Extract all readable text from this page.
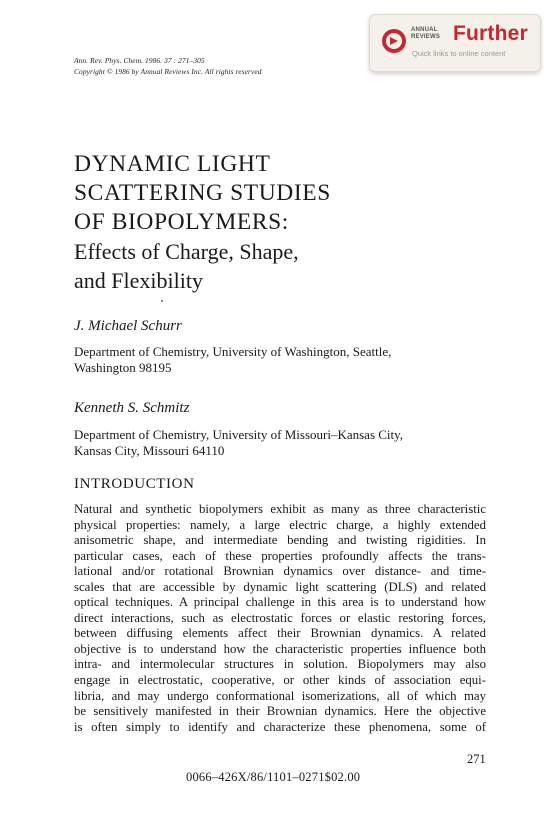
Ann. Rev. Phys. Chem. 1986. 37 : 271–305
Copyright © 1986 by Annual Reviews Inc. All rights reserved
ANNUAL
REVIEWS Further
Quick links to online content
DYNAMIC LIGHT
SCATTERING STUDIES
OF BIOPOLYMERS:
Effects of Charge, Shape,
and Flexibility
J. Michael Schurr
Department of Chemistry, University of Washington, Seattle,
Washington 98195
Kenneth S. Schmitz
Department of Chemistry, University of Missouri–Kansas City,
Kansas City, Missouri 64110
INTRODUCTION
Natural and synthetic biopolymers exhibit as many as three characteristic
physical properties: namely, a large electric charge, a highly extended
anisometric shape, and intermediate bending and twisting rigidities. In
particular cases, each of these properties profoundly affects the trans-
lational and/or rotational Brownian dynamics over distance- and time-
scales that are accessible by dynamic light scattering (DLS) and related
optical techniques. A principal challenge in this area is to understand how
direct interactions, such as electrostatic forces or elastic restoring forces,
between diffusing elements affect their Brownian dynamics. A related
objective is to understand how the characteristic properties influence both
intra- and intermolecular structures in solution. Biopolymers may also
engage in electrostatic, cooperative, or other kinds of association equi-
libria, and may undergo conformational isomerizations, all of which may
be sensitively manifested in their Brownian dynamics. Here the objective
is often simply to identify and characterize these phenomena, some of
271
0066–426X/86/1101–0271$02.00
